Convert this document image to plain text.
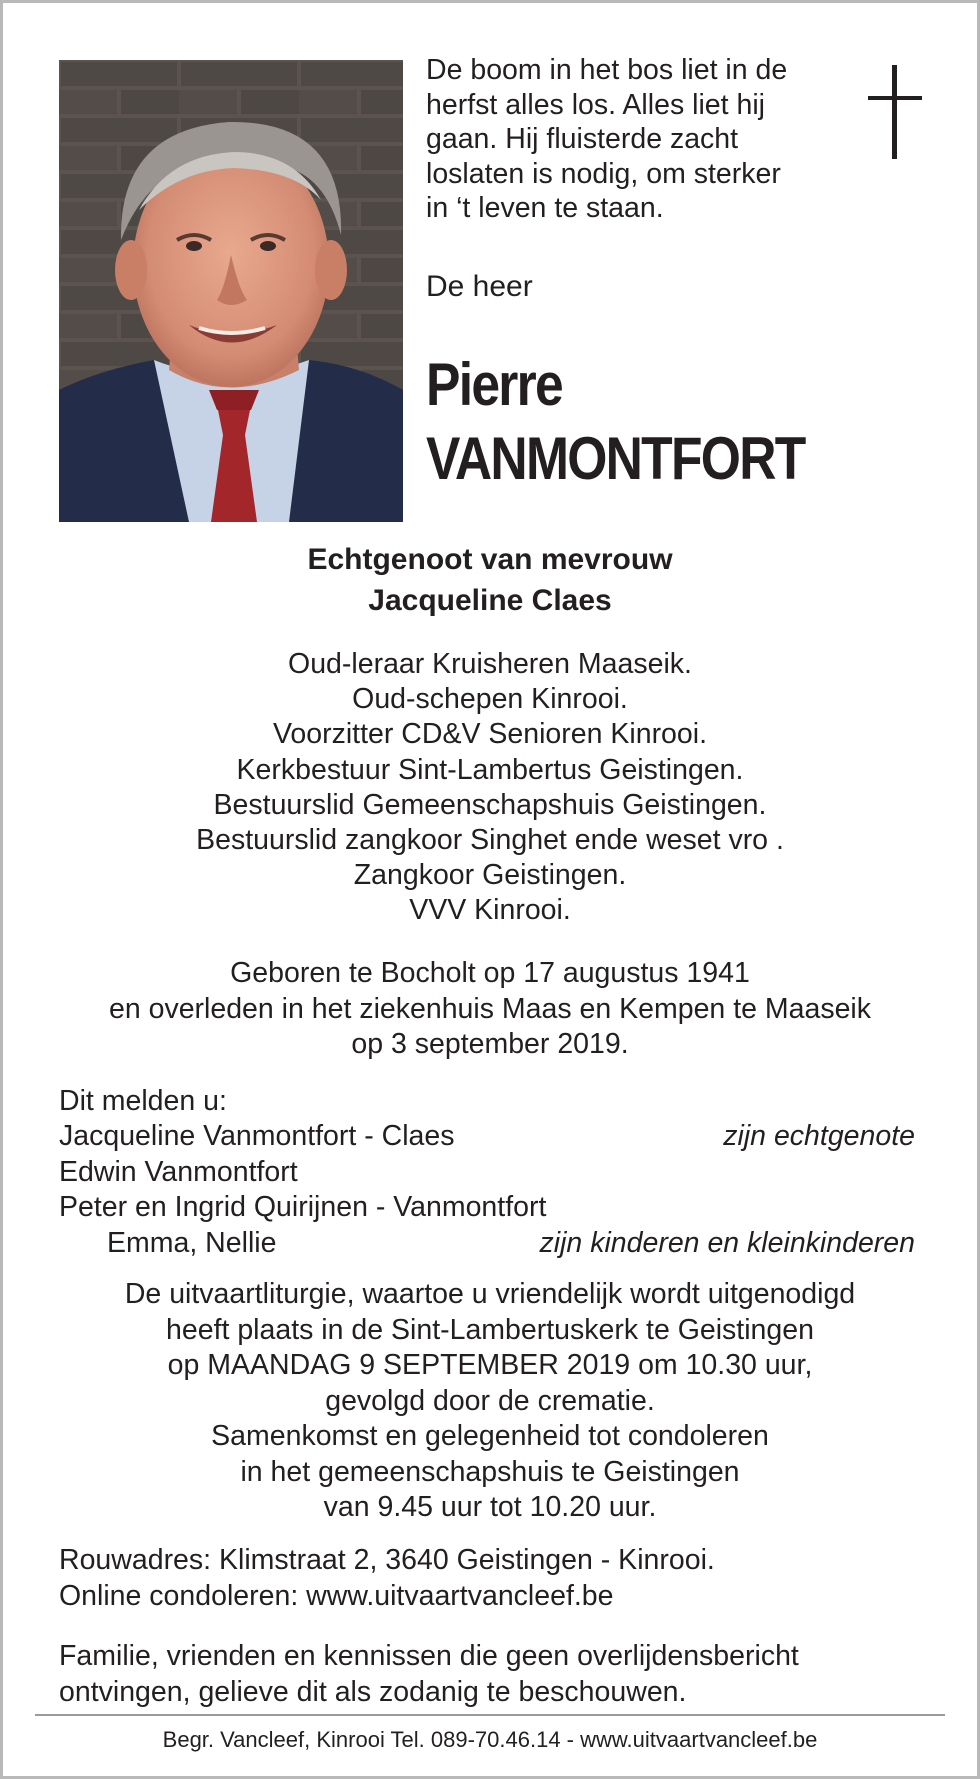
De boom in het bos liet in de
herfst alles los. Alles liet hij
gaan. Hij fluisterde zacht
loslaten is nodig, om sterker
in ‘t leven te staan.
De heer
Pierre
VANMONTFORT
Echtgenoot van mevrouw
Jacqueline Claes
Oud-leraar Kruisheren Maaseik.
Oud-schepen Kinrooi.
Voorzitter CD&V Senioren Kinrooi.
Kerkbestuur Sint-Lambertus Geistingen.
Bestuurslid Gemeenschapshuis Geistingen.
Bestuurslid zangkoor Singhet ende weset vro .
Zangkoor Geistingen.
VVV Kinrooi.
Geboren te Bocholt op 17 augustus 1941
en overleden in het ziekenhuis Maas en Kempen te Maaseik
op 3 september 2019.
Dit melden u:
Jacqueline Vanmontfort - Claes	zijn echtgenote
Edwin Vanmontfort
Peter en Ingrid Quirijnen - Vanmontfort
Emma, Nellie	zijn kinderen en kleinkinderen
De uitvaartliturgie, waartoe u vriendelijk wordt uitgenodigd
heeft plaats in de Sint-Lambertuskerk te Geistingen
op MAANDAG 9 SEPTEMBER 2019 om 10.30 uur,
gevolgd door de crematie.
Samenkomst en gelegenheid tot condoleren
in het gemeenschapshuis te Geistingen
van 9.45 uur tot 10.20 uur.
Rouwadres: Klimstraat 2, 3640 Geistingen - Kinrooi.
Online condoleren: www.uitvaartvancleef.be
Familie, vrienden en kennissen die geen overlijdensbericht
ontvingen, gelieve dit als zodanig te beschouwen.
Begr. Vancleef, Kinrooi Tel. 089-70.46.14 - www.uitvaartvancleef.be
